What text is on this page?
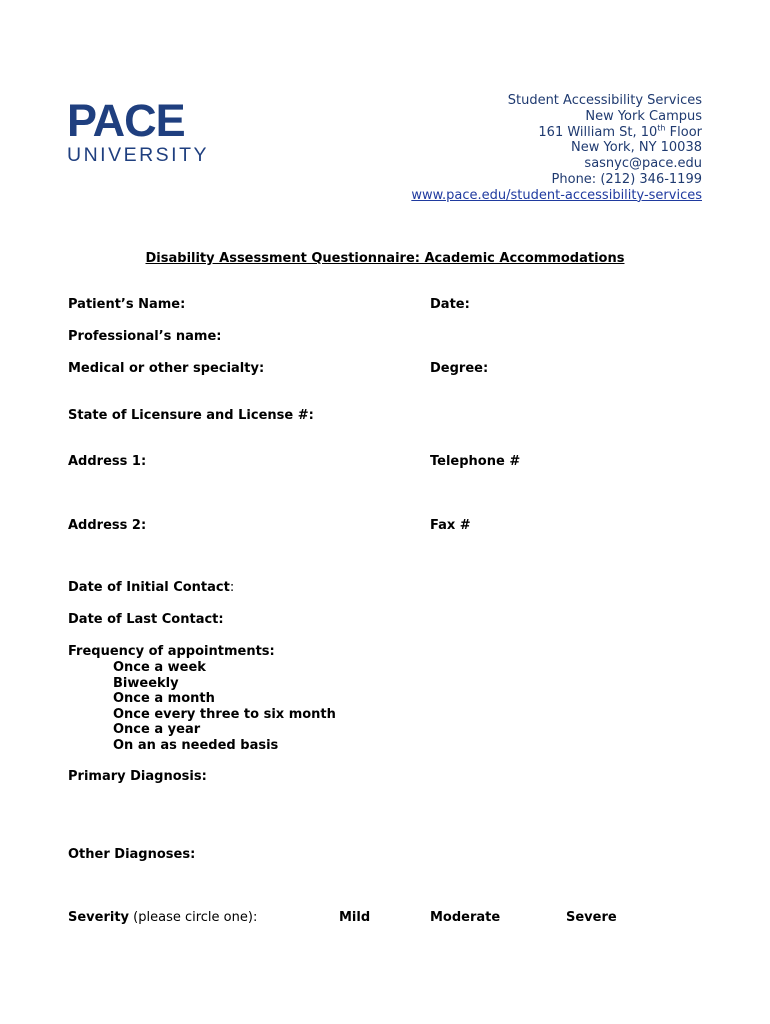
PACE
UNIVERSITY
Student Accessibility Services
New York Campus
161 William St, 10th Floor
New York, NY 10038
sasnyc@pace.edu
Phone: (212) 346-1199
www.pace.edu/student-accessibility-services
Disability Assessment Questionnaire: Academic Accommodations
Patient’s Name:	Date:
Professional’s name:
Medical or other specialty:	Degree:
State of Licensure and License #:
Address 1:	Telephone #
Address 2:	Fax #
Date of Initial Contact:
Date of Last Contact:
Frequency of appointments:
Once a week
Biweekly
Once a month
Once every three to six month
Once a year
On an as needed basis
Primary Diagnosis:
Other Diagnoses:
Severity (please circle one):	Mild	Moderate	Severe
